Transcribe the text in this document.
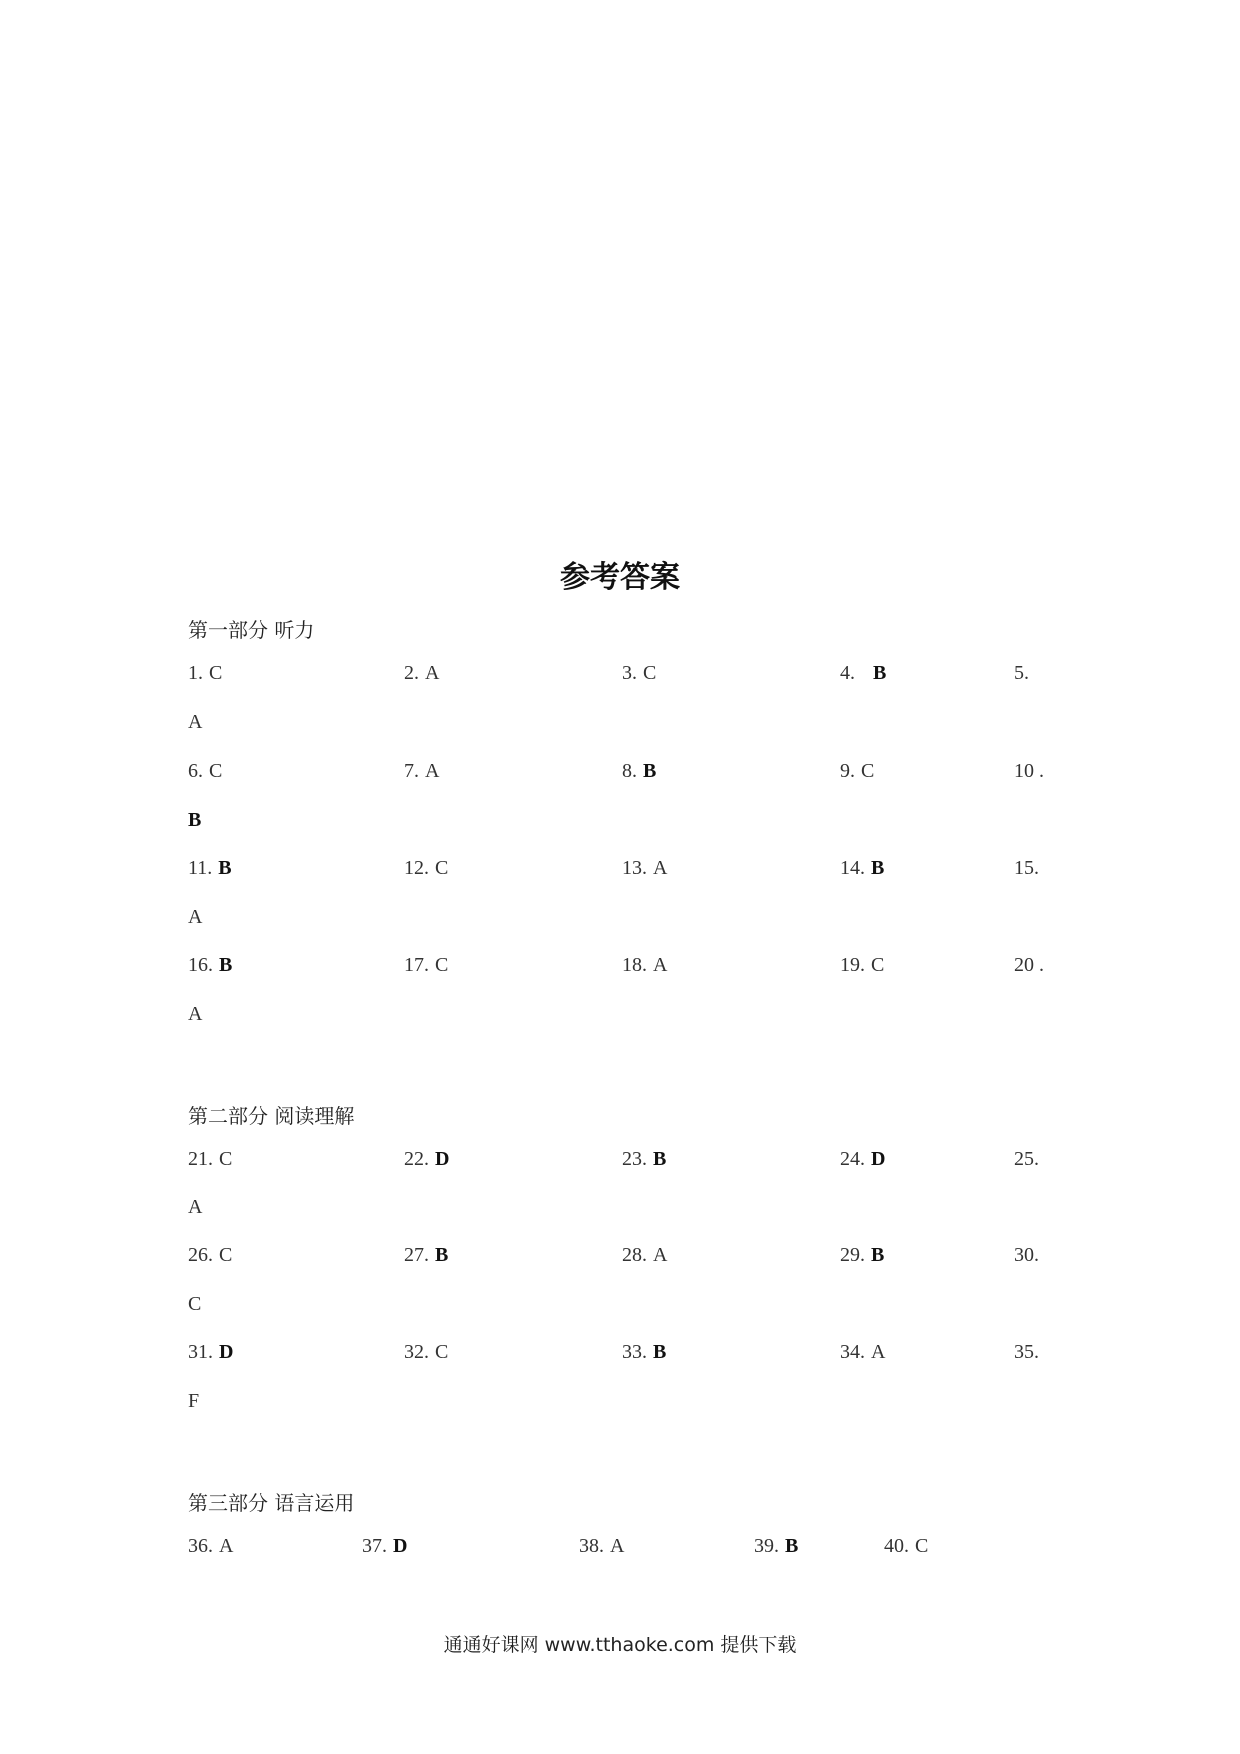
参考答案
第一部分 听力
1. C	2. A	3. C	4. B	5.
A
6. C	7. A	8. B	9. C	10 .
B
11. B	12. C	13. A	14. B	15.
A
16. B	17. C	18. A	19. C	20 .
A
第二部分 阅读理解
21. C	22. D	23. B	24. D	25.
A
26. C	27. B	28. A	29. B	30.
C
31. D	32. C	33. B	34. A	35.
F
第三部分 语言运用
36. A	37. D	38. A	39. B	40. C
通通好课网 www.tthaoke.com 提供下载
